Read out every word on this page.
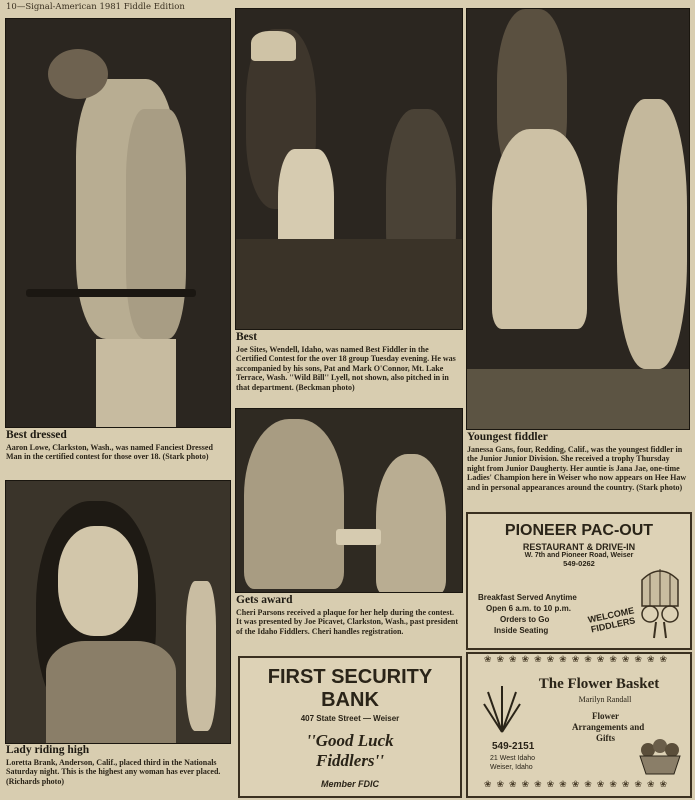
10—Signal-American 1981 Fiddle Edition
Best dressed

Aaron Lowe, Clarkston, Wash., was named Fanciest Dressed Man in the certified contest for those over 18. (Stark photo)

Best

Joe Sites, Wendell, Idaho, was named Best Fiddler in the Certified Contest for the over 18 group Tuesday evening. He was accompanied by his sons, Pat and Mark O'Connor, Mt. Lake Terrace, Wash. ''Wild Bill'' Lyell, not shown, also pitched in in that department. (Beckman photo)

Youngest fiddler

Janessa Gans, four, Redding, Calif., was the youngest fiddler in the Junior Junior Division. She received a trophy Thursday night from Junior Daugherty. Her auntie is Jana Jae, one-time Ladies' Champion here in Weiser who now appears on Hee Haw and in personal appearances around the country. (Stark photo)

Gets award

Cheri Parsons received a plaque for her help during the contest. It was presented by Joe Picavet, Clarkston, Wash., past president of the Idaho Fiddlers. Cheri handles registration.

Lady riding high

Loretta Brank, Anderson, Calif., placed third in the Nationals Saturday night. This is the highest any woman has ever placed. (Richards photo)

FIRST SECURITY
BANK
407 State Street — Weiser
''Good Luck
Fiddlers''
Member FDIC
PIONEER PAC-OUT
RESTAURANT & DRIVE-IN
W. 7th and Pioneer Road, Weiser
549-0262
Breakfast Served Anytime
Open 6 a.m. to 10 p.m.
Orders to Go
Inside Seating
WELCOME FIDDLERS
❀❀❀❀❀❀❀❀❀❀❀❀❀❀❀
❀❀❀❀❀❀❀❀❀❀❀❀❀❀❀
The Flower Basket
Marilyn Randall
Flower
Arrangements and
Gifts
549-2151
21 West Idaho
Weiser, Idaho
